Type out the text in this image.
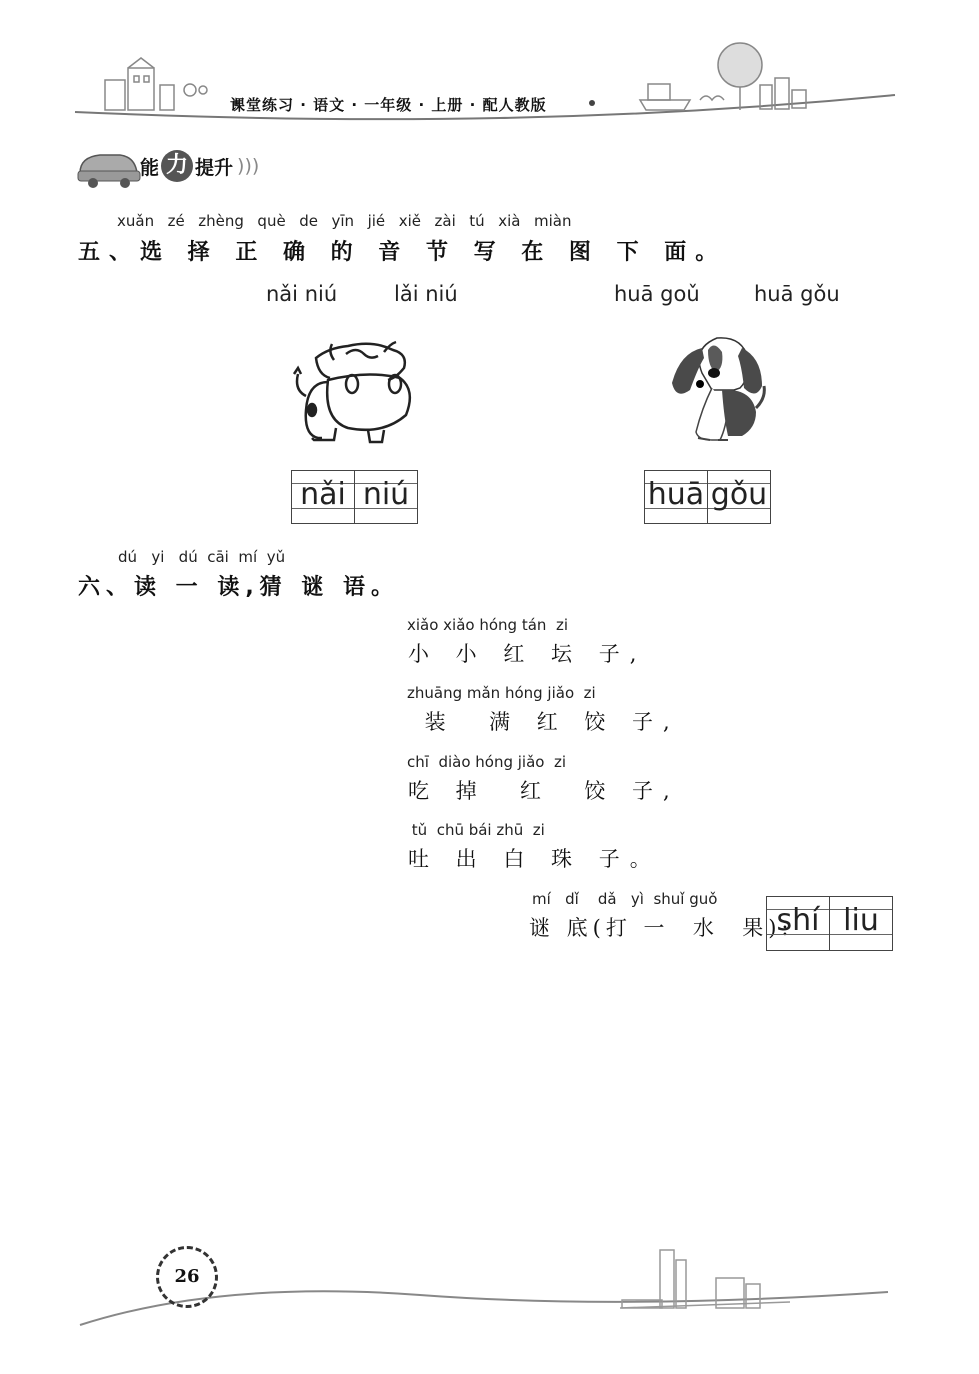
课堂练习 · 语文 · 一年级 · 上册 · 配人教版
能 力 提升 )))
xuǎn  zé  zhèng  què  de  yīn  jié  xiě  zài  tú  xià  miàn
五、选 择 正 确 的 音 节 写 在 图 下 面。
nǎi niú	lǎi niú	huā goǔ	huā gǒu
nǎi niú	huā gǒu
dú   yi   dú  cāi  mí  yǔ
六、读 一 读,猜 谜 语。
xiǎo xiǎo hóng tán  zi
小 小 红 坛 子,
zhuāng mǎn hóng jiǎo  zi
装  满 红 饺 子,
chī  diào hóng jiǎo  zi
吃 掉  红  饺 子,
tǔ  chū bái zhū  zi
吐 出 白 珠 子。
mí   dǐ    dǎ   yì  shuǐ guǒ
谜 底(打 一  水  果):
shí liu
26
